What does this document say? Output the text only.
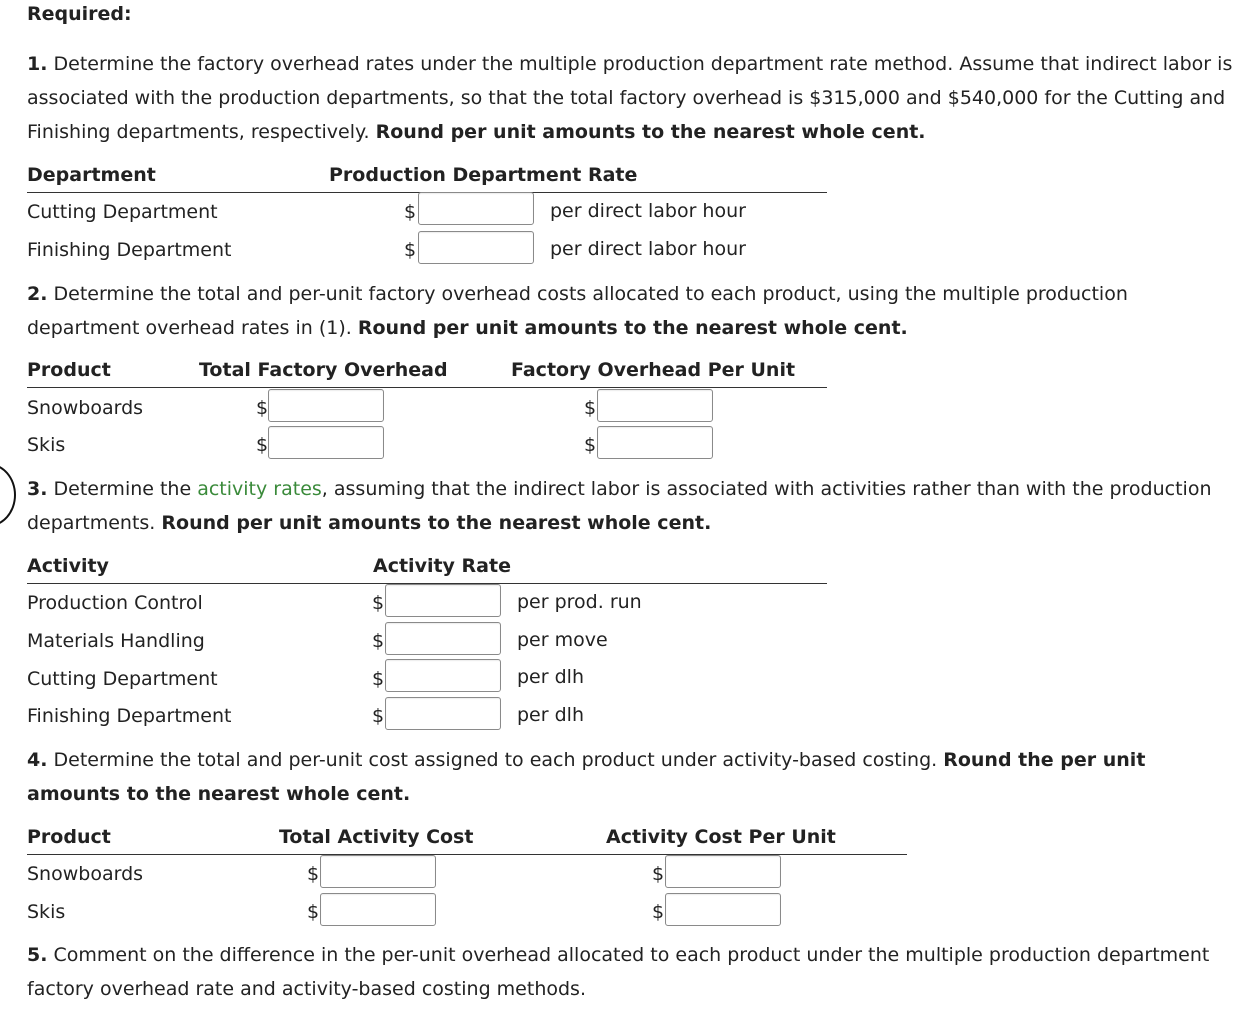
Required:
1. Determine the factory overhead rates under the multiple production department rate method. Assume that indirect labor is associated with the production departments, so that the total factory overhead is $315,000 and $540,000 for the Cutting and Finishing departments, respectively. Round per unit amounts to the nearest whole cent.
Department	Production Department Rate
Cutting Department	$	per direct labor hour
Finishing Department	$	per direct labor hour
2. Determine the total and per-unit factory overhead costs allocated to each product, using the multiple production department overhead rates in (1). Round per unit amounts to the nearest whole cent.
Product	Total Factory Overhead	Factory Overhead Per Unit
Snowboards	$	$
Skis	$	$
3. Determine the activity rates, assuming that the indirect labor is associated with activities rather than with the production departments. Round per unit amounts to the nearest whole cent.
Activity	Activity Rate
Production Control	$	per prod. run
Materials Handling	$	per move
Cutting Department	$	per dlh
Finishing Department	$	per dlh
4. Determine the total and per-unit cost assigned to each product under activity-based costing. Round the per unit amounts to the nearest whole cent.
Product	Total Activity Cost	Activity Cost Per Unit
Snowboards	$	$
Skis	$	$
5. Comment on the difference in the per-unit overhead allocated to each product under the multiple production department factory overhead rate and activity-based costing methods.
